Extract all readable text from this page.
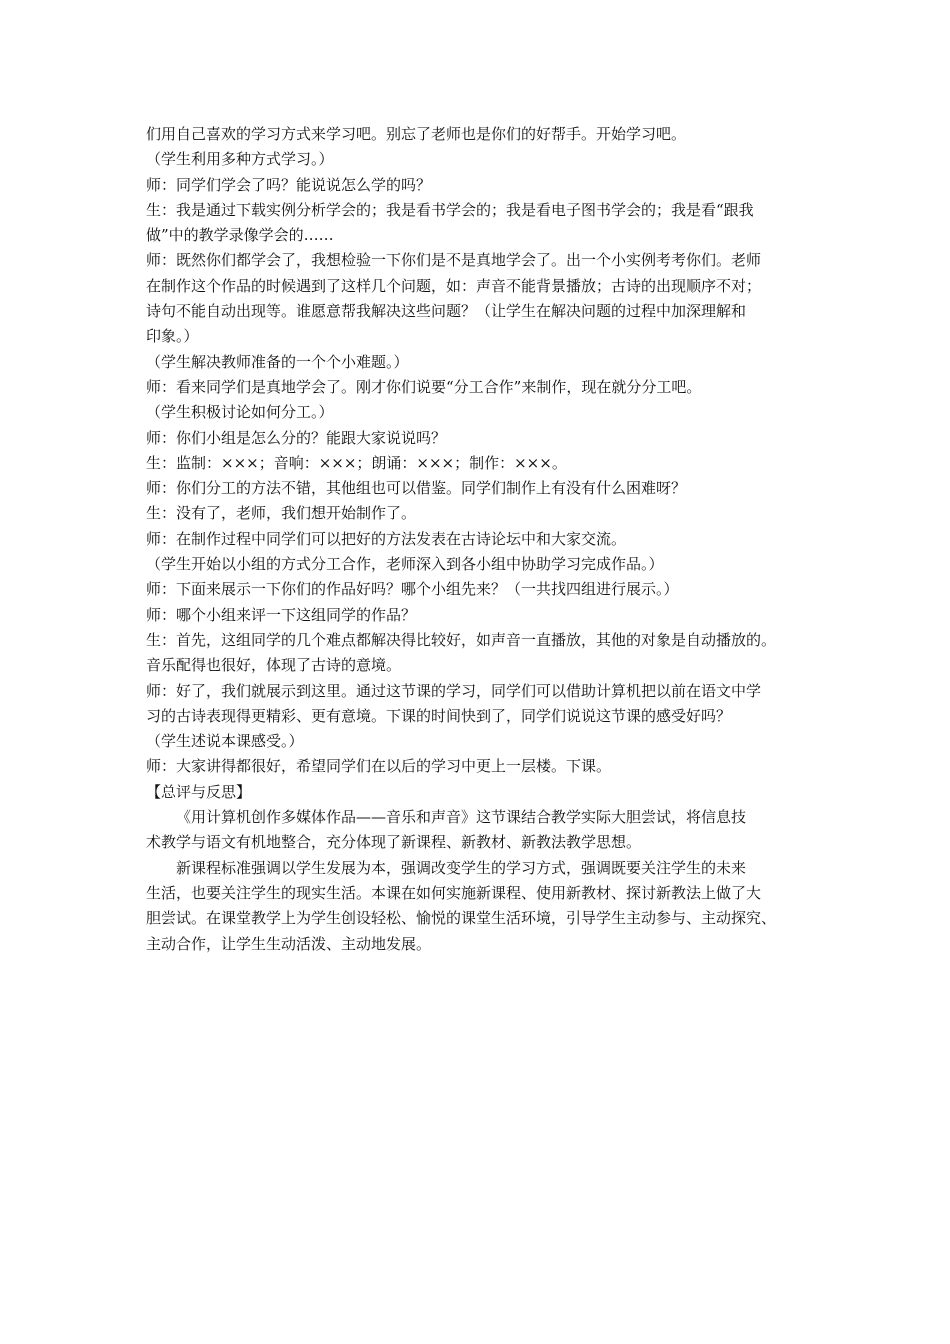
们用自己喜欢的学习方式来学习吧。别忘了老师也是你们的好帮手。开始学习吧。
（学生利用多种方式学习。）
师：同学们学会了吗？能说说怎么学的吗？
生：我是通过下载实例分析学会的；我是看书学会的；我是看电子图书学会的；我是看“跟我
做”中的教学录像学会的……
师：既然你们都学会了，我想检验一下你们是不是真地学会了。出一个小实例考考你们。老师
在制作这个作品的时候遇到了这样几个问题，如：声音不能背景播放；古诗的出现顺序不对；
诗句不能自动出现等。谁愿意帮我解决这些问题？（让学生在解决问题的过程中加深理解和
印象。）
（学生解决教师准备的一个个小难题。）
师：看来同学们是真地学会了。刚才你们说要“分工合作”来制作，现在就分分工吧。
（学生积极讨论如何分工。）
师：你们小组是怎么分的？能跟大家说说吗？
生：监制：×××；音响：×××；朗诵：×××；制作：×××。
师：你们分工的方法不错，其他组也可以借鉴。同学们制作上有没有什么困难呀？
生：没有了，老师，我们想开始制作了。
师：在制作过程中同学们可以把好的方法发表在古诗论坛中和大家交流。
（学生开始以小组的方式分工合作，老师深入到各小组中协助学习完成作品。）
师：下面来展示一下你们的作品好吗？哪个小组先来？（一共找四组进行展示。）
师：哪个小组来评一下这组同学的作品？
生：首先，这组同学的几个难点都解决得比较好，如声音一直播放，其他的对象是自动播放的。
音乐配得也很好，体现了古诗的意境。
师：好了，我们就展示到这里。通过这节课的学习，同学们可以借助计算机把以前在语文中学
习的古诗表现得更精彩、更有意境。下课的时间快到了，同学们说说这节课的感受好吗？
（学生述说本课感受。）
师：大家讲得都很好，希望同学们在以后的学习中更上一层楼。下课。
【总评与反思】
《用计算机创作多媒体作品——音乐和声音》这节课结合教学实际大胆尝试，将信息技
术教学与语文有机地整合，充分体现了新课程、新教材、新教法教学思想。
新课程标准强调以学生发展为本，强调改变学生的学习方式，强调既要关注学生的未来
生活，也要关注学生的现实生活。本课在如何实施新课程、使用新教材、探讨新教法上做了大
胆尝试。在课堂教学上为学生创设轻松、愉悦的课堂生活环境，引导学生主动参与、主动探究、
主动合作，让学生生动活泼、主动地发展。
